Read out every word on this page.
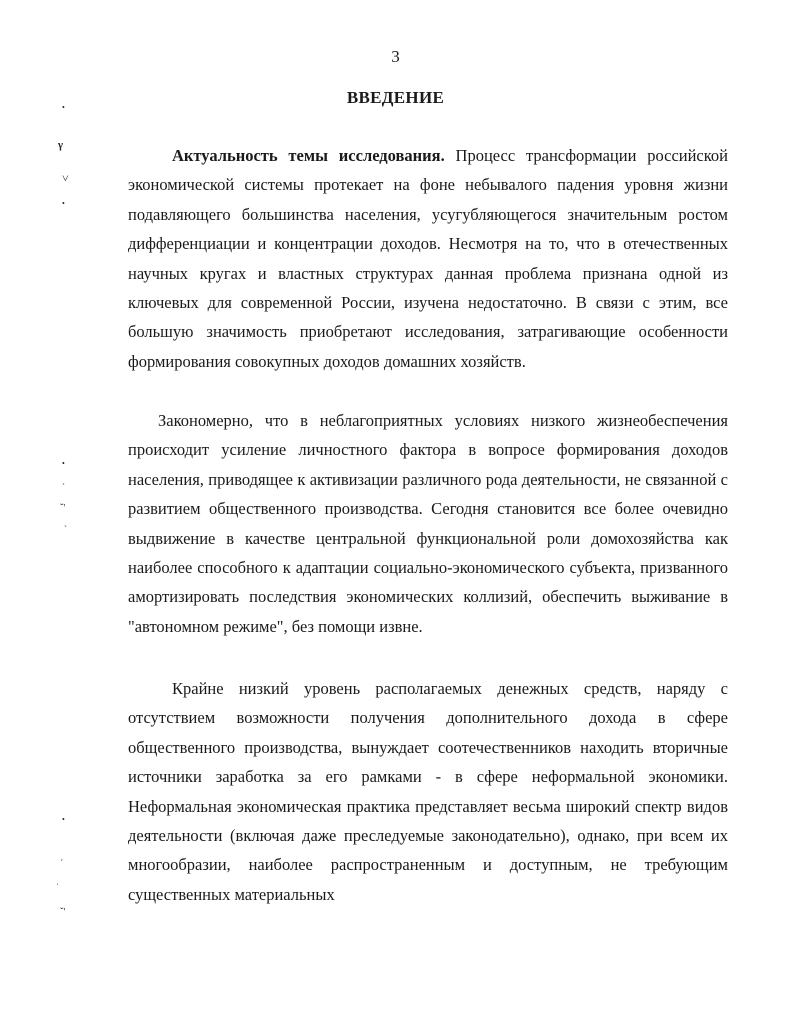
3
ВВЕДЕНИЕ
Актуальность темы исследования. Процесс трансформации российской экономической системы протекает на фоне небывалого падения уровня жизни подавляющего большинства населения, усугубляющегося значительным ростом дифференциации и концентрации доходов. Несмотря на то, что в отечественных научных кругах и властных структурах данная проблема признана одной из ключевых для современной России, изучена недостаточно. В связи с этим, все большую значимость приобретают исследования, затрагивающие особенности формирования совокупных доходов домашних хозяйств.
Закономерно, что в неблагоприятных условиях низкого жизнеобеспечения происходит усиление личностного фактора в вопросе формирования доходов населения, приводящее к активизации различного рода деятельности, не связанной с развитием общественного производства. Сегодня становится все более очевидно выдвижение в качестве центральной функциональной роли домохозяйства как наиболее способного к адаптации социально-экономического субъекта, призванного амортизировать последствия экономических коллизий, обеспечить выживание в "автономном режиме", без помощи извне.
Крайне низкий уровень располагаемых денежных средств, наряду с отсутствием возможности получения дополнительного дохода в сфере общественного производства, вынуждает соотечественников находить вторичные источники заработка за его рамками - в сфере неформальной экономики. Неформальная экономическая практика представляет весьма широкий спектр видов деятельности (включая даже преследуемые законодательно), однако, при всем их многообразии, наиболее распространенным и доступным, не требующим существенных материальных
•
ᵞ
˅
•
•
ˎ
ˇ'
ˏ
•
ˊ
ˌ
ˇ'
